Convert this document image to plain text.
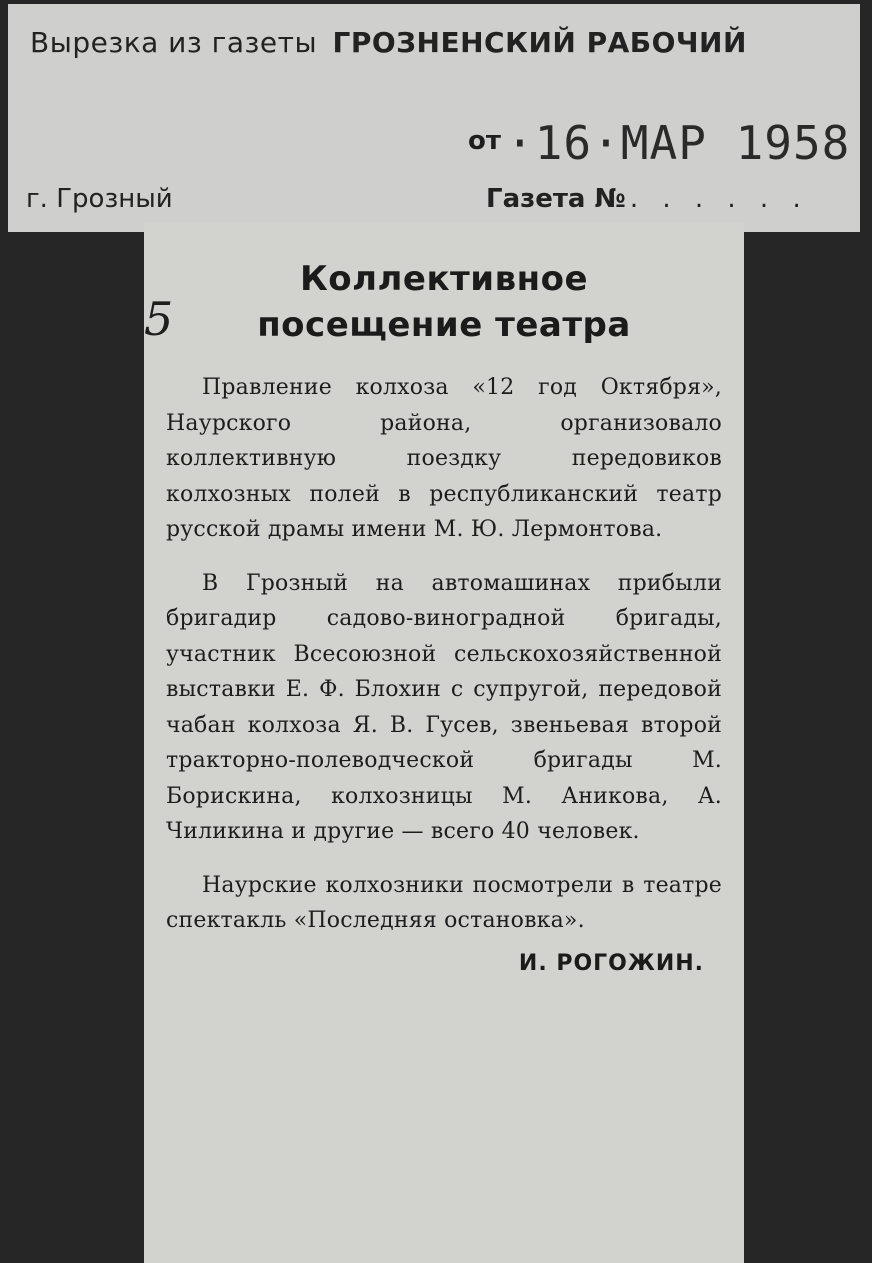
Вырезка из газеты ГРОЗНЕНСКИЙ РАБОЧИЙ
от ·16·МАР 1958
г. Грозный	Газета № . . . . . .
5
Коллективное
посещение театра

Правление колхоза «12 год Октября», Наурского района, организовало коллективную поездку передовиков колхозных полей в республиканский театр русской драмы имени М. Ю. Лермонтова.

В Грозный на автомашинах прибыли бригадир садово-виноградной бригады, участник Всесоюзной сельскохозяйственной выставки Е. Ф. Блохин с супругой, передовой чабан колхоза Я. В. Гусев, звеньевая второй тракторно-полеводческой бригады М. Борискина, колхозницы М. Аникова, А. Чиликина и другие — всего 40 человек.

Наурские колхозники посмотрели в театре спектакль «Последняя остановка».

И. РОГОЖИН.
